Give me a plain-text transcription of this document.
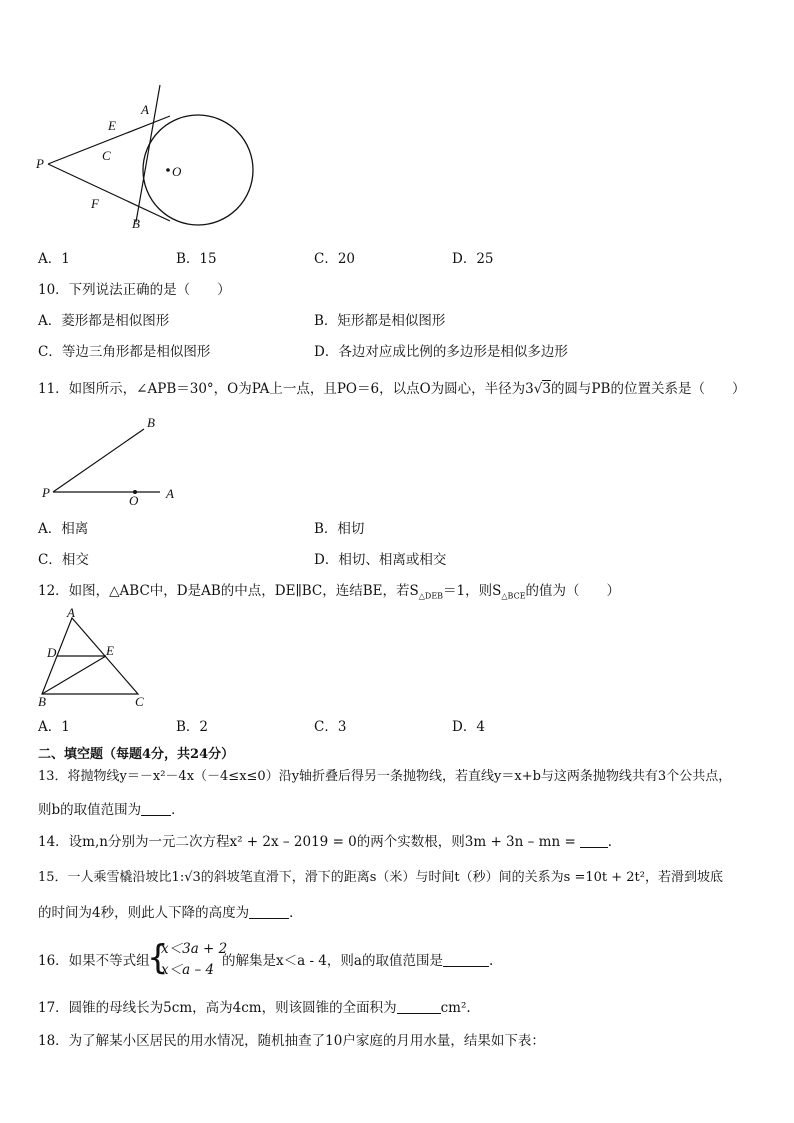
P
A
E
C
O
F
B
A．1	B．15	C．20	D．25
10．下列说法正确的是（　　）
A．菱形都是相似图形	B．矩形都是相似图形
C．等边三角形都是相似图形	D．各边对应成比例的多边形是相似多边形
11．如图所示，∠APB＝30°，O为PA上一点，且PO＝6，以点O为圆心，半径为3√3的圆与PB的位置关系是（　　）
P
B
O A
A．相离	B．相切
C．相交	D．相切、相离或相交
12．如图，△ABC中，D是AB的中点，DE∥BC，连结BE，若$S_{\triangle DEB}=1$，则$S_{\triangle BCE}$的值为（　　）
A
D	E
B	C
A．1	B．2	C．3	D．4
二、填空题（每题4分，共24分）
13．将抛物线y＝－x²－4x（－4≤x≤0）沿y轴折叠后得另一条抛物线，若直线y＝x+b与这两条抛物线共有3个公共点，
则b的取值范围为 ．
14．设m,n分别为一元二次方程x² + 2x – 2019 = 0的两个实数根，则3m + 3n – mn = ．
15．一人乘雪橇沿坡比1:√3的斜坡笔直滑下，滑下的距离s（米）与时间t（秒）间的关系为s =10t + 2t²，若滑到坡底
的时间为4秒，则此人下降的高度为	．
16．如果不等式组
{
x＜3a + 2
x＜a – 4
的解集是x＜a - 4，则a的取值范围是	.
17．圆锥的母线长为5cm，高为4cm，则该圆锥的全面积为	cm².
18．为了解某小区居民的用水情况，随机抽查了10户家庭的月用水量，结果如下表：
